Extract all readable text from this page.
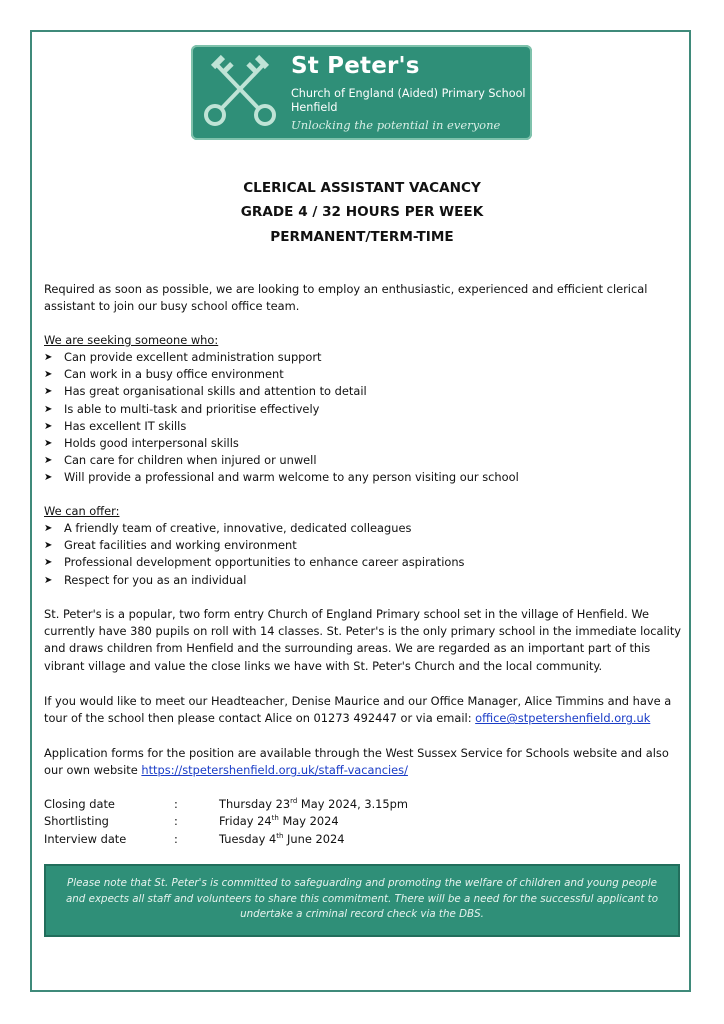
St Peter's
Church of England (Aided) Primary School
Henfield
Unlocking the potential in everyone
CLERICAL ASSISTANT VACANCY
GRADE 4 / 32 HOURS PER WEEK
PERMANENT/TERM-TIME
Required as soon as possible, we are looking to employ an enthusiastic, experienced and efficient clerical assistant to join our busy school office team.
We are seeking someone who:
➤ Can provide excellent administration support
➤ Can work in a busy office environment
➤ Has great organisational skills and attention to detail
➤ Is able to multi-task and prioritise effectively
➤ Has excellent IT skills
➤ Holds good interpersonal skills
➤ Can care for children when injured or unwell
➤ Will provide a professional and warm welcome to any person visiting our school
We can offer:
➤ A friendly team of creative, innovative, dedicated colleagues
➤ Great facilities and working environment
➤ Professional development opportunities to enhance career aspirations
➤ Respect for you as an individual
St. Peter's is a popular, two form entry Church of England Primary school set in the village of Henfield. We currently have 380 pupils on roll with 14 classes. St. Peter's is the only primary school in the immediate locality and draws children from Henfield and the surrounding areas. We are regarded as an important part of this vibrant village and value the close links we have with St. Peter's Church and the local community.
If you would like to meet our Headteacher, Denise Maurice and our Office Manager, Alice Timmins and have a tour of the school then please contact Alice on 01273 492447 or via email: office@stpetershenfield.org.uk
Application forms for the position are available through the West Sussex Service for Schools website and also our own website https://stpetershenfield.org.uk/staff-vacancies/
Closing date	:	Thursday 23rd May 2024, 3.15pm
Shortlisting	:	Friday 24th May 2024
Interview date	:	Tuesday 4th June 2024

Please note that St. Peter's is committed to safeguarding and promoting the welfare of children and young people and expects all staff and volunteers to share this commitment. There will be a need for the successful applicant to undertake a criminal record check via the DBS.
